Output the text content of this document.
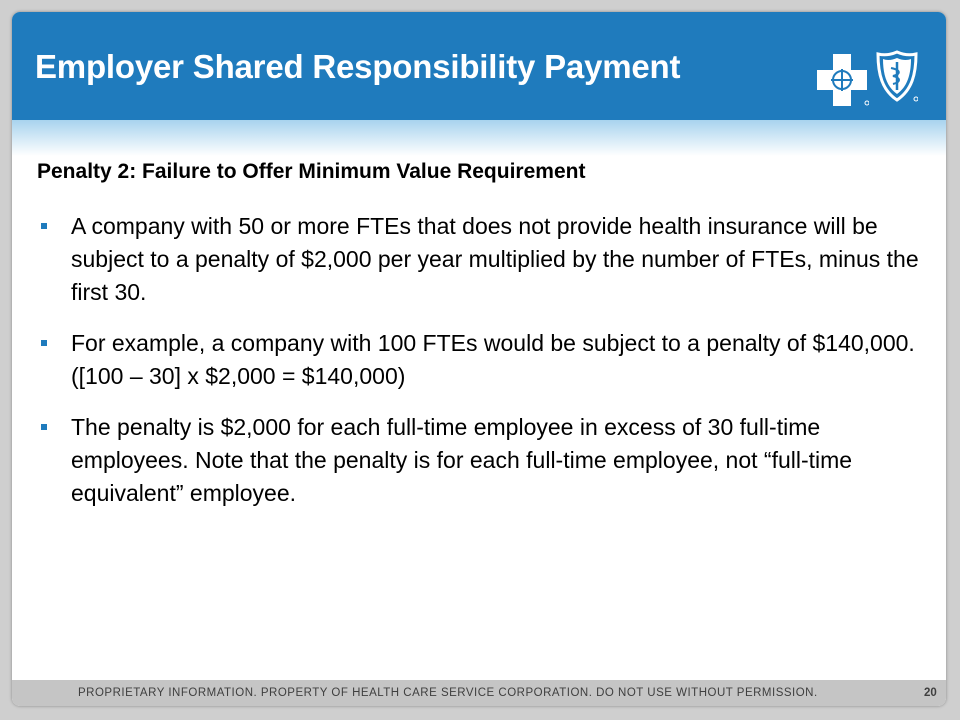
Employer Shared Responsibility Payment
Penalty 2: Failure to Offer Minimum Value Requirement
A company with 50 or more FTEs that does not provide health insurance will be subject to a penalty of $2,000 per year multiplied by the number of FTEs, minus the first 30.
For example, a company with 100 FTEs would be subject to a penalty of $140,000. ([100 – 30] x $2,000 = $140,000)
The penalty is $2,000 for each full-time employee in excess of 30 full-time employees. Note that the penalty is for each full-time employee, not “full-time equivalent” employee.
PROPRIETARY INFORMATION. PROPERTY OF HEALTH CARE SERVICE CORPORATION. DO NOT USE WITHOUT PERMISSION.	20
